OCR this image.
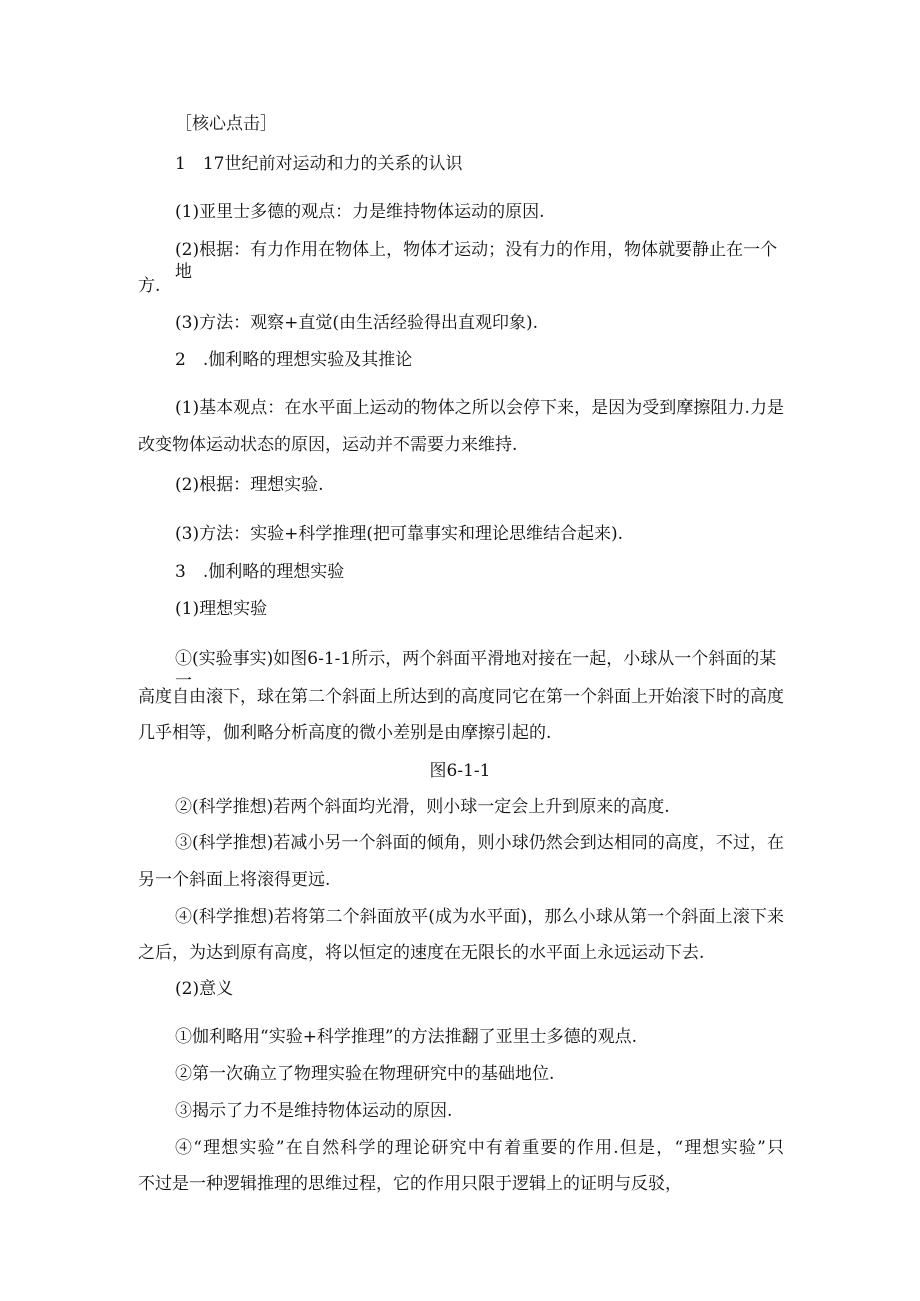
［核心点击］
1　17世纪前对运动和力的关系的认识
(1)亚里士多德的观点：力是维持物体运动的原因.
(2)根据：有力作用在物体上，物体才运动；没有力的作用，物体就要静止在一个地
方.
(3)方法：观察+直觉(由生活经验得出直观印象).
2　.伽利略的理想实验及其推论
(1)基本观点：在水平面上运动的物体之所以会停下来，是因为受到摩擦阻力.力是
改变物体运动状态的原因，运动并不需要力来维持.
(2)根据：理想实验.
(3)方法：实验+科学推理(把可靠事实和理论思维结合起来).
3　.伽利略的理想实验
(1)理想实验
①(实验事实)如图6-1-1所示，两个斜面平滑地对接在一起，小球从一个斜面的某一
高度自由滚下，球在第二个斜面上所达到的高度同它在第一个斜面上开始滚下时的高度
几乎相等，伽利略分析高度的微小差别是由摩擦引起的.
图6-1-1
②(科学推想)若两个斜面均光滑，则小球一定会上升到原来的高度.
③(科学推想)若减小另一个斜面的倾角，则小球仍然会到达相同的高度，不过，在
另一个斜面上将滚得更远.
④(科学推想)若将第二个斜面放平(成为水平面)，那么小球从第一个斜面上滚下来
之后，为达到原有高度，将以恒定的速度在无限长的水平面上永远运动下去.
(2)意义
①伽利略用“实验+科学推理”的方法推翻了亚里士多德的观点.
②第一次确立了物理实验在物理研究中的基础地位.
③揭示了力不是维持物体运动的原因.
④“理想实验”在自然科学的理论研究中有着重要的作用.但是，“理想实验”只
不过是一种逻辑推理的思维过程，它的作用只限于逻辑上的证明与反驳，
